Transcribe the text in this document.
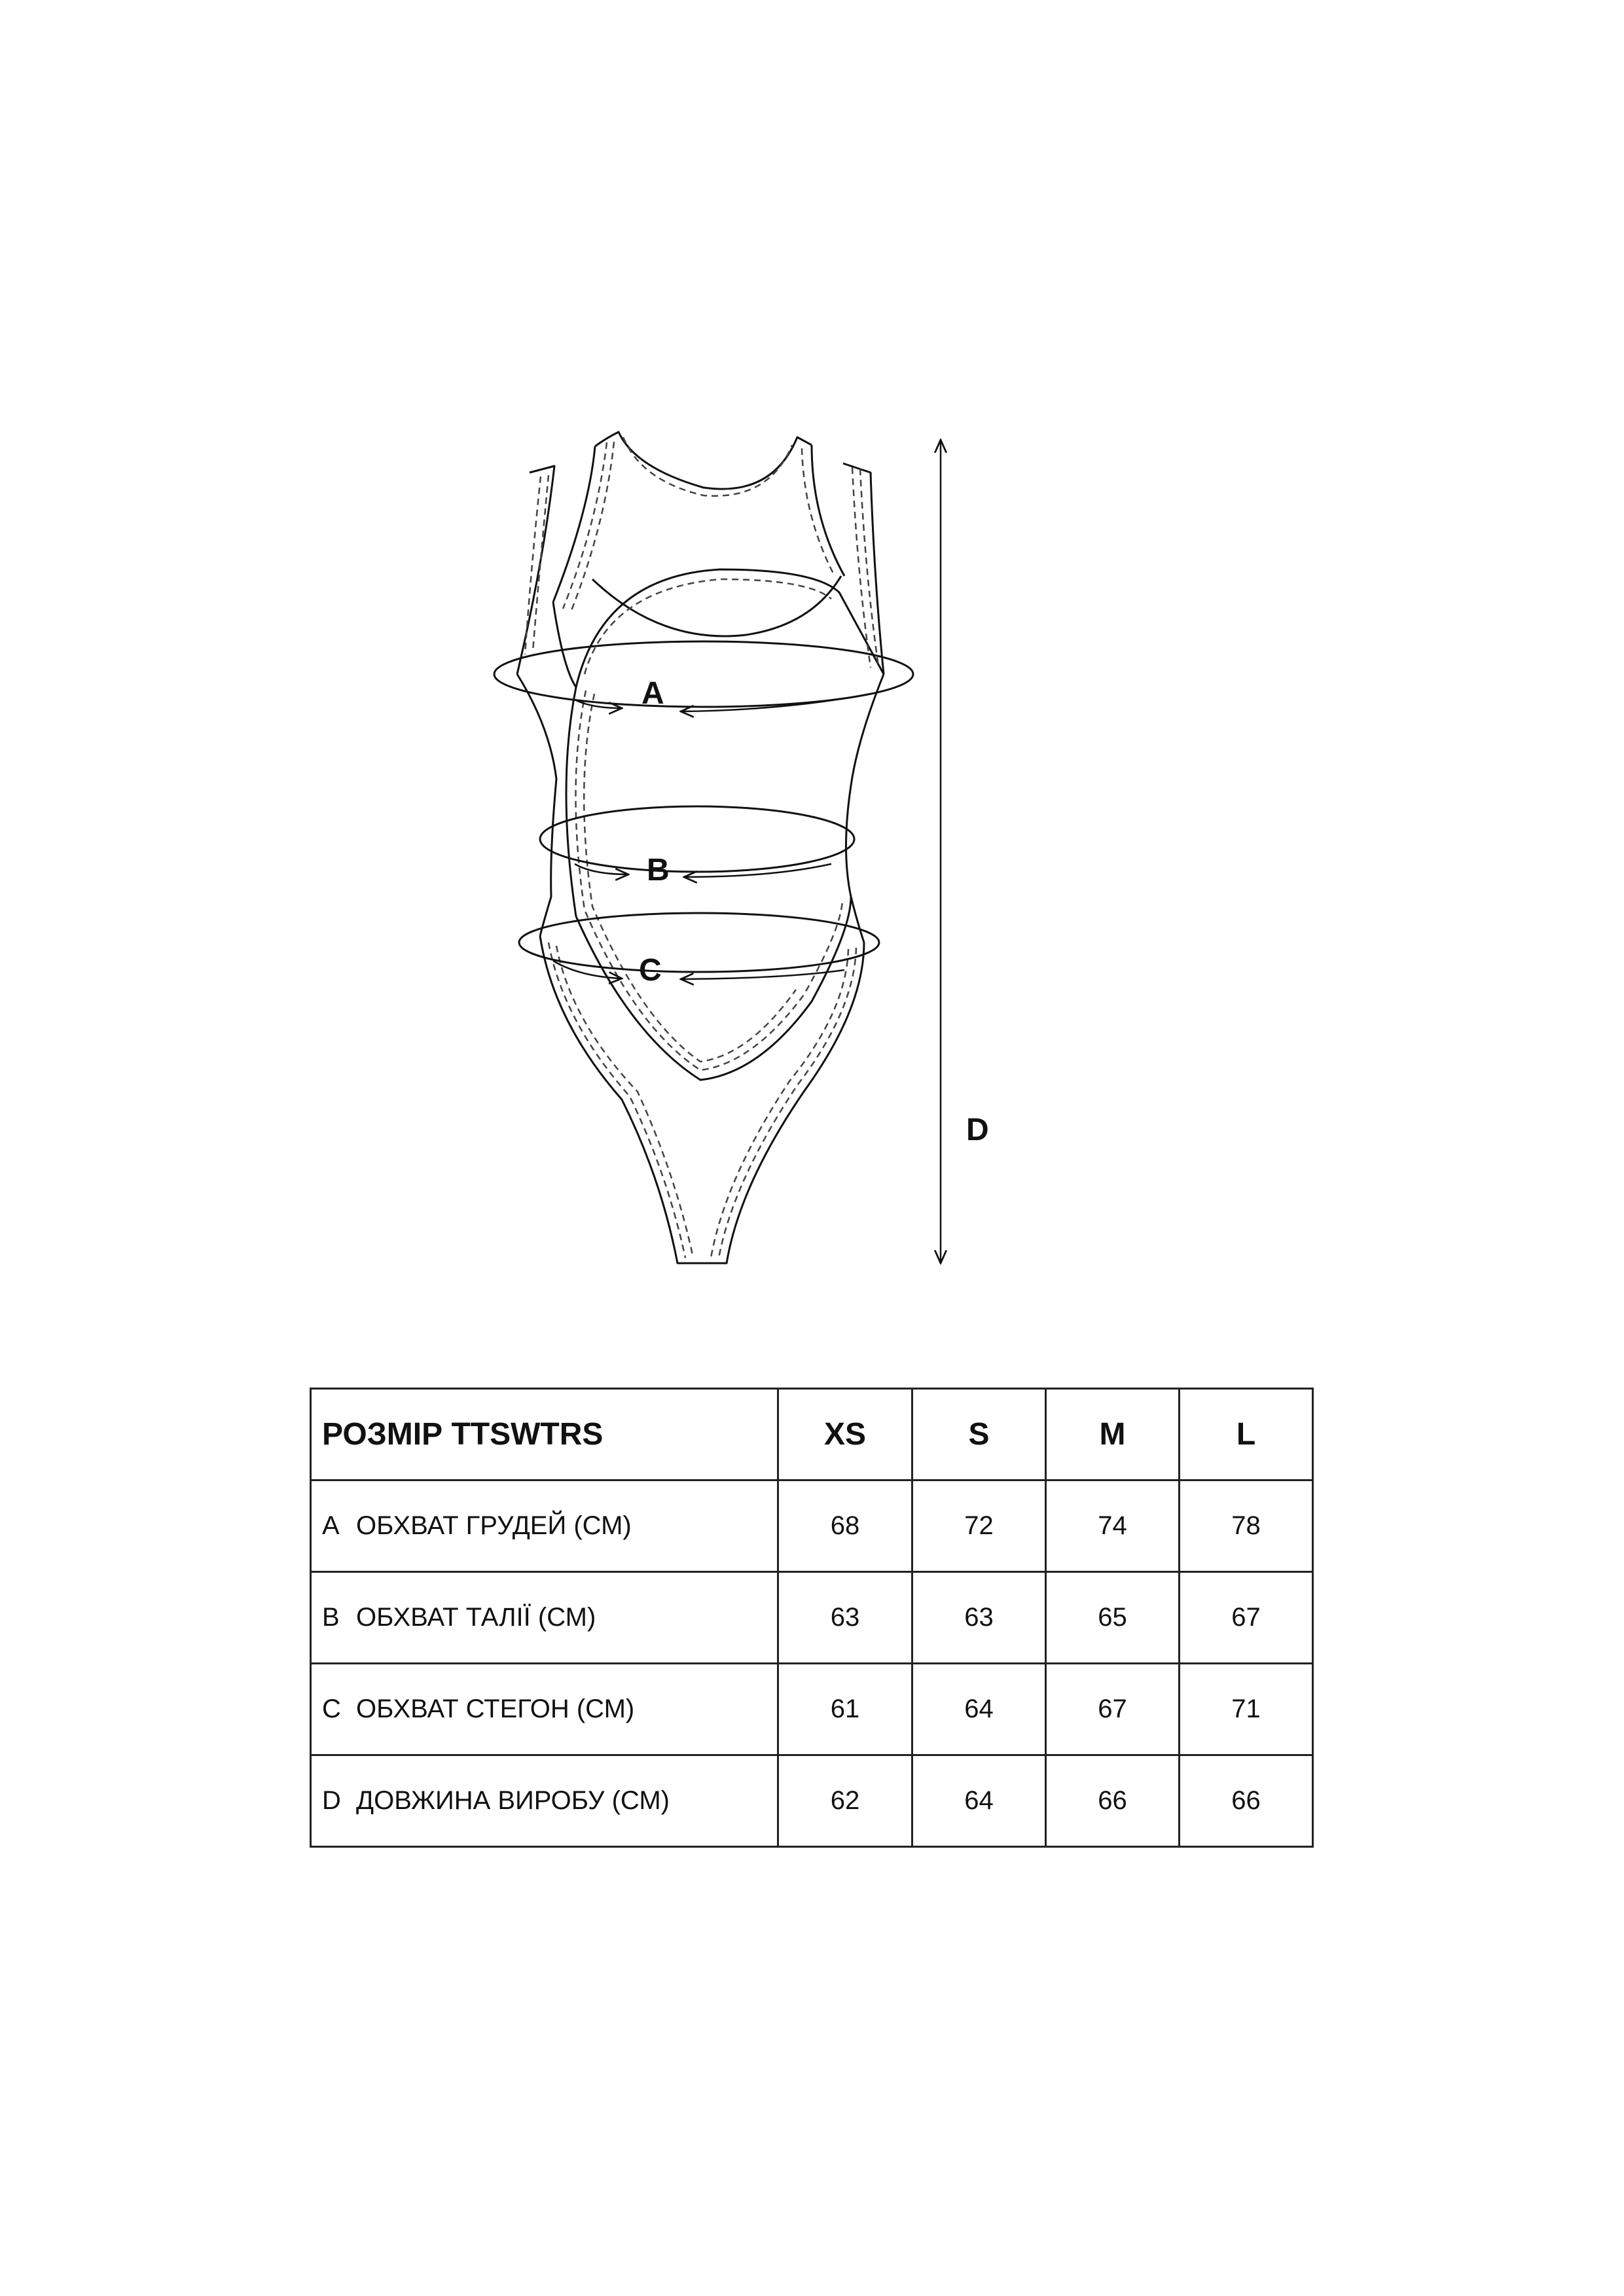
A
B
C
D
РОЗМІР TTSWTRS	XS	S	M	L
A ОБХВАТ ГРУДЕЙ (СМ)	68	72	74	78
B ОБХВАТ ТАЛІЇ (СМ)	63	63	65	67
C ОБХВАТ СТЕГОН (СМ)	61	64	67	71
D ДОВЖИНА ВИРОБУ (СМ)	62	64	66	66
